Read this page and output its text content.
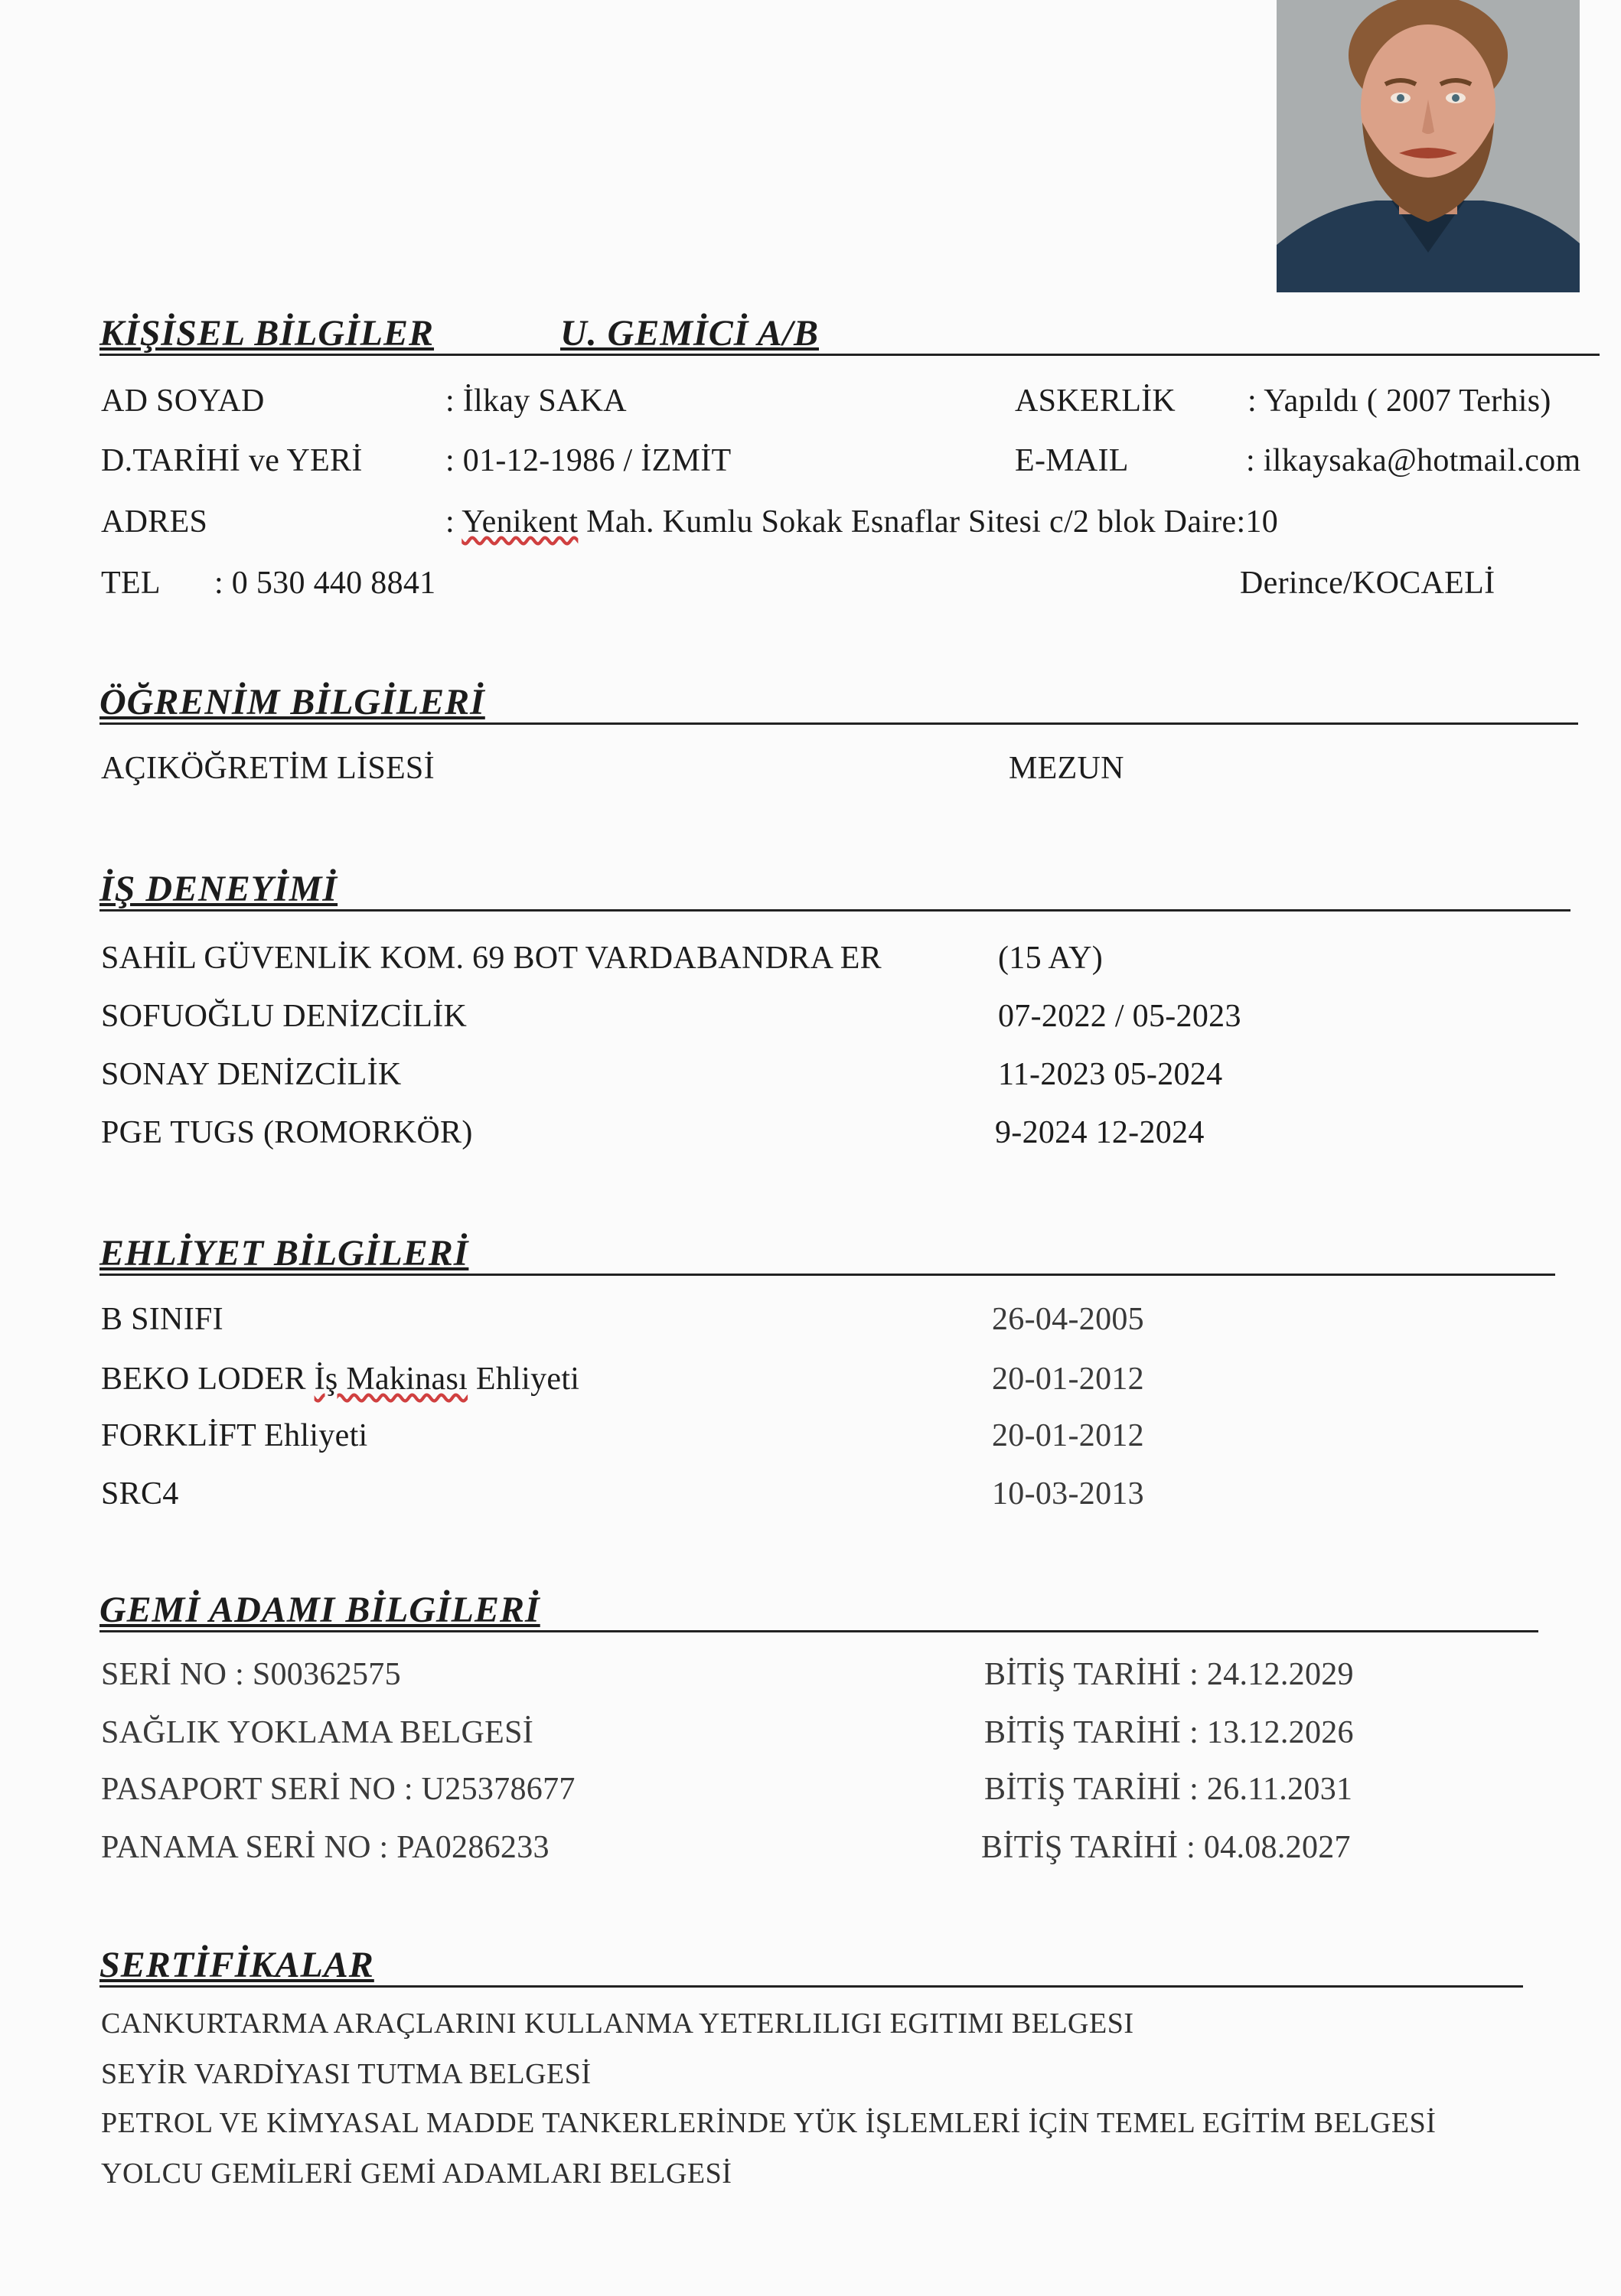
KİŞİSEL BİLGİLER	U. GEMİCİ A/B
AD SOYAD	: İlkay SAKA	ASKERLİK : Yapıldı ( 2007 Terhis)
D.TARİHİ ve YERİ	: 01-12-1986 / İZMİT	E-MAIL	: ilkaysaka@hotmail.com
ADRES	: Yenikent Mah. Kumlu Sokak Esnaflar Sitesi c/2 blok Daire:10
TEL : 0 530 440 8841	Derince/KOCAELİ
ÖĞRENİM BİLGİLERİ
AÇIKÖĞRETİM LİSESİ	MEZUN
İŞ DENEYİMİ
SAHİL GÜVENLİK KOM. 69 BOT VARDABANDRA ER	(15 AY)
SOFUOĞLU DENİZCİLİK	07-2022 / 05-2023
SONAY DENİZCİLİK	11-2023 05-2024
PGE TUGS (ROMORKÖR)	9-2024 12-2024
EHLİYET BİLGİLERİ
B SINIFI	26-04-2005
BEKO LODER İş Makinası Ehliyeti	20-01-2012
FORKLİFT Ehliyeti	20-01-2012
SRC4	10-03-2013
GEMİ ADAMI BİLGİLERİ
SERİ NO : S00362575	BİTİŞ TARİHİ : 24.12.2029
SAĞLIK YOKLAMA BELGESİ	BİTİŞ TARİHİ : 13.12.2026
PASAPORT SERİ NO : U25378677	BİTİŞ TARİHİ : 26.11.2031
PANAMA SERİ NO : PA0286233	BİTİŞ TARİHİ : 04.08.2027
SERTİFİKALAR
CANKURTARMA ARAÇLARINI KULLANMA YETERLILIGI EGITIMI BELGESI
SEYİR VARDİYASI TUTMA BELGESİ
PETROL VE KİMYASAL MADDE TANKERLERİNDE YÜK İŞLEMLERİ İÇİN TEMEL EGİTİM BELGESİ
YOLCU GEMİLERİ GEMİ ADAMLARI BELGESİ
